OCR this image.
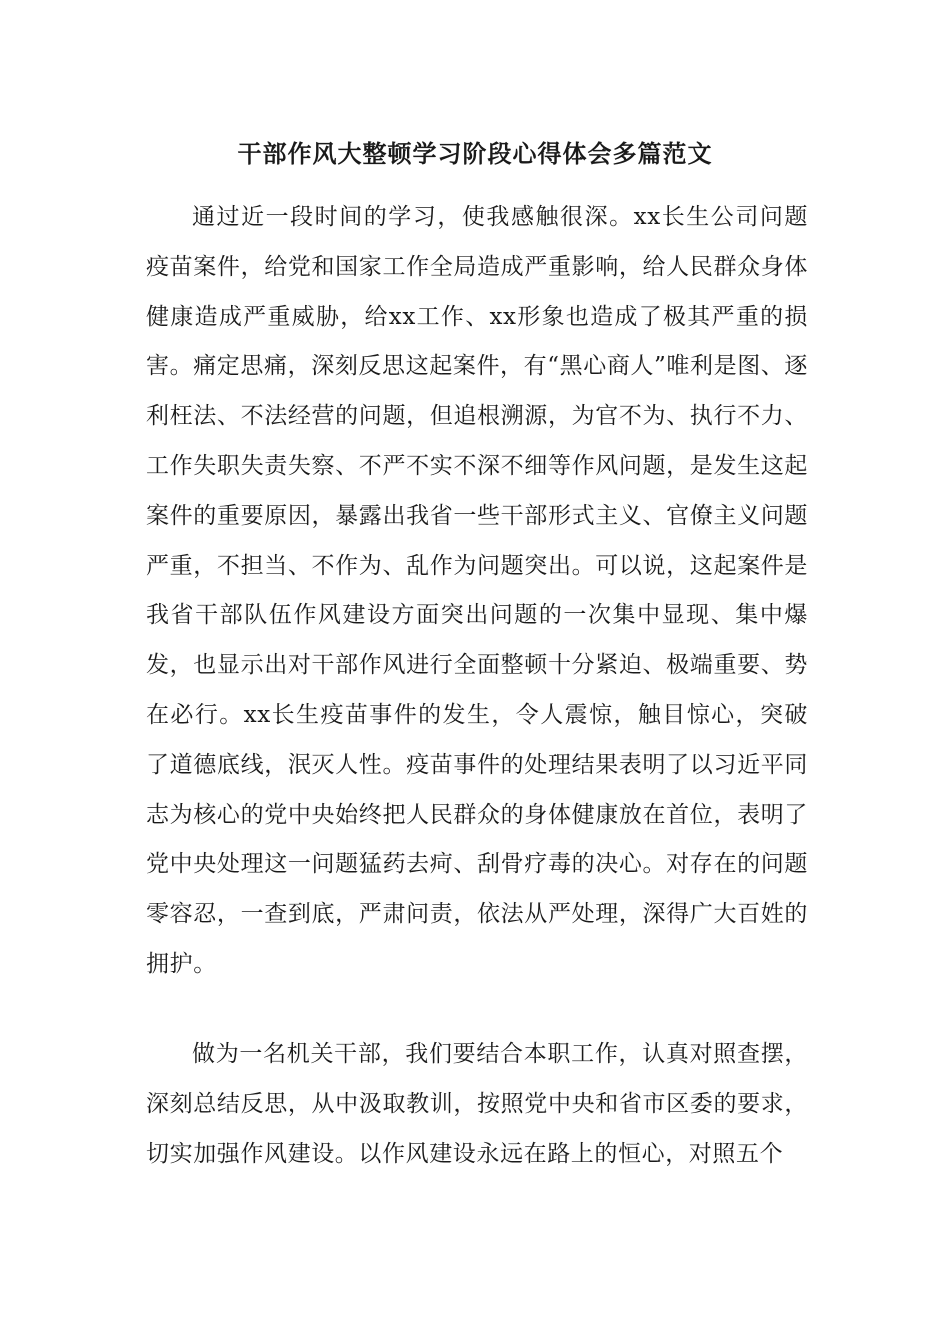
干部作风大整顿学习阶段心得体会多篇范文

通过近一段时间的学习，使我感触很深。xx长生公司问题疫苗案件，给党和国家工作全局造成严重影响，给人民群众身体健康造成严重威胁，给xx工作、xx形象也造成了极其严重的损害。痛定思痛，深刻反思这起案件，有“黑心商人”唯利是图、逐利枉法、不法经营的问题，但追根溯源，为官不为、执行不力、工作失职失责失察、不严不实不深不细等作风问题，是发生这起案件的重要原因，暴露出我省一些干部形式主义、官僚主义问题严重，不担当、不作为、乱作为问题突出。可以说，这起案件是我省干部队伍作风建设方面突出问题的一次集中显现、集中爆发，也显示出对干部作风进行全面整顿十分紧迫、极端重要、势在必行。xx长生疫苗事件的发生，令人震惊，触目惊心，突破了道德底线，泯灭人性。疫苗事件的处理结果表明了以习近平同志为核心的党中央始终把人民群众的身体健康放在首位，表明了党中央处理这一问题猛药去疴、刮骨疗毒的决心。对存在的问题零容忍，一查到底，严肃问责，依法从严处理，深得广大百姓的拥护。

做为一名机关干部，我们要结合本职工作，认真对照查摆，深刻总结反思，从中汲取教训，按照党中央和省市区委的要求，切实加强作风建设。以作风建设永远在路上的恒心，对照五个
